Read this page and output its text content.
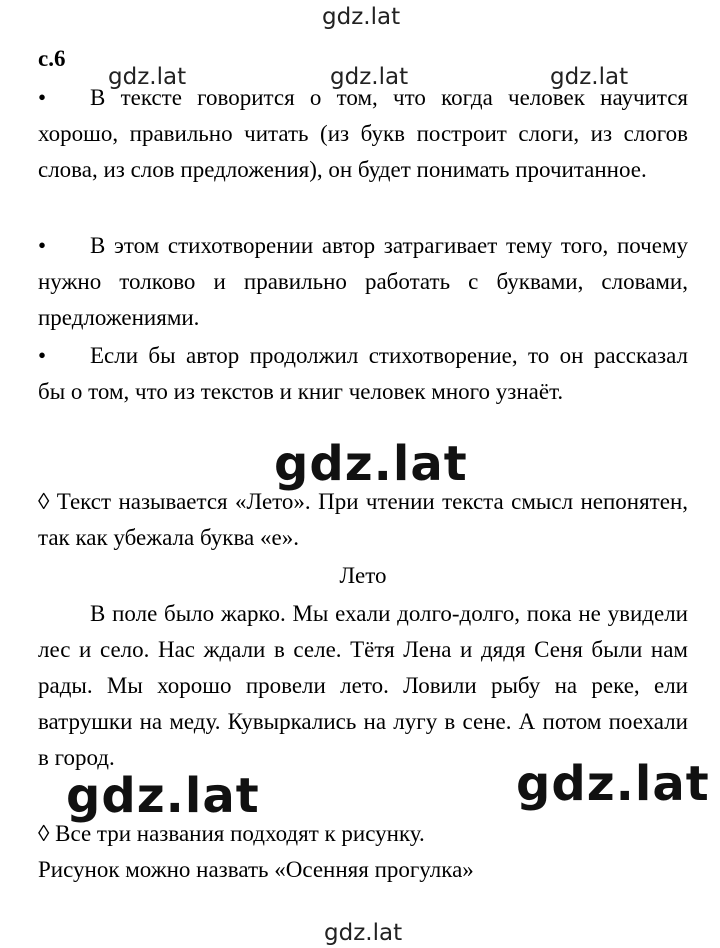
gdz.lat
с.6
gdz.lat	gdz.lat	gdz.lat

• В тексте говорится о том, что когда человек научится хорошо, правильно читать (из букв построит слоги, из слогов слова, из слов предложения), он будет понимать прочитанное.

• В этом стихотворении автор затрагивает тему того, почему нужно толково и правильно работать с буквами, словами, предложениями.

• Если бы автор продолжил стихотворение, то он рассказал бы о том, что из текстов и книг человек много узнаёт.

gdz.lat

◊ Текст называется «Лето». При чтении текста смысл непонятен, так как убежала буква «е».

Лето

В поле было жарко. Мы ехали долго-долго, пока не увидели лес и село. Нас ждали в селе. Тётя Лена и дядя Сеня были нам рады. Мы хорошо провели лето. Ловили рыбу на реке, ели ватрушки на меду. Кувыркались на лугу в сене. А потом поехали в город.

gdz.lat	gdz.lat

◊ Все три названия подходят к рисунку.

Рисунок можно назвать «Осенняя прогулка»

gdz.lat
